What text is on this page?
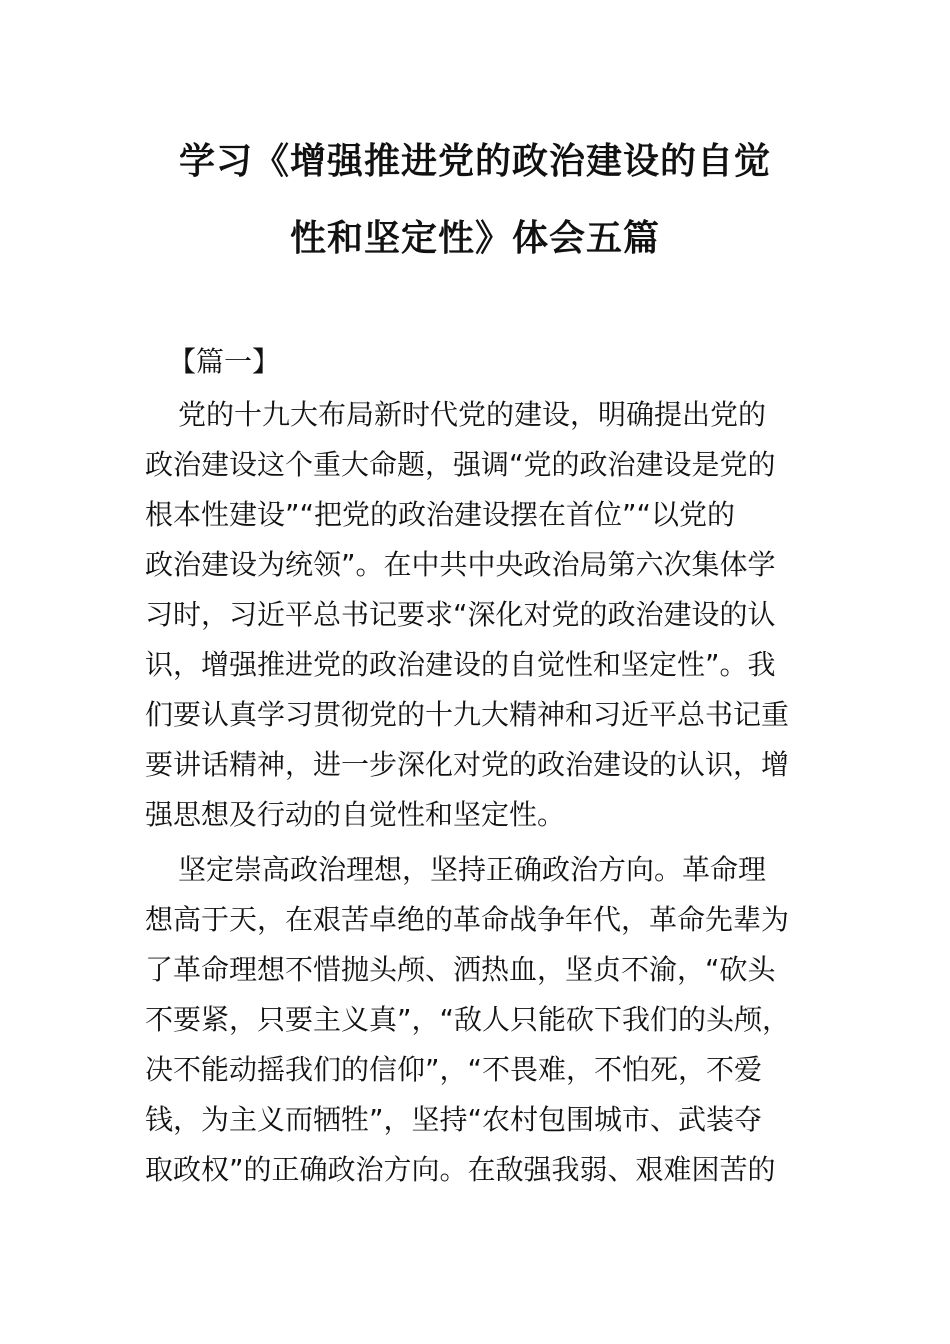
学习《增强推进党的政治建设的自觉
性和坚定性》体会五篇
【篇一】
党的十九大布局新时代党的建设，明确提出党的
政治建设这个重大命题，强调“党的政治建设是党的
根本性建设”“把党的政治建设摆在首位”“以党的
政治建设为统领”。在中共中央政治局第六次集体学
习时，习近平总书记要求“深化对党的政治建设的认
识，增强推进党的政治建设的自觉性和坚定性”。我
们要认真学习贯彻党的十九大精神和习近平总书记重
要讲话精神，进一步深化对党的政治建设的认识，增
强思想及行动的自觉性和坚定性。
坚定崇高政治理想，坚持正确政治方向。革命理
想高于天，在艰苦卓绝的革命战争年代，革命先辈为
了革命理想不惜抛头颅、洒热血，坚贞不渝，“砍头
不要紧，只要主义真”，“敌人只能砍下我们的头颅，
决不能动摇我们的信仰”，“不畏难，不怕死，不爱
钱，为主义而牺牲”，坚持“农村包围城市、武装夺
取政权”的正确政治方向。在敌强我弱、艰难困苦的
